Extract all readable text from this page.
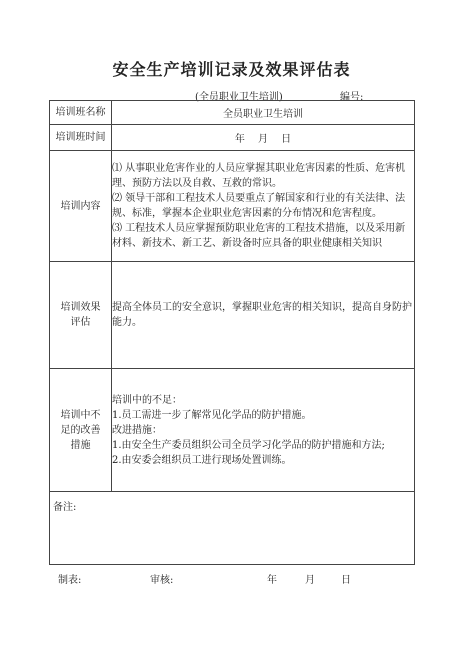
安全生产培训记录及效果评估表
(全员职业卫生培训)	编号:
培训班名称	全员职业卫生培训
培训班时间	年 月 日
培训内容	⑴ 从事职业危害作业的人员应掌握其职业危害因素的性质、危害机理、预防方法以及自救、互救的常识。
⑵ 领导干部和工程技术人员要重点了解国家和行业的有关法律、法规、标准，掌握本企业职业危害因素的分布情况和危害程度。
⑶ 工程技术人员应掌握预防职业危害的工程技术措施，以及采用新材料、新技术、新工艺、新设备时应具备的职业健康相关知识

培训效果评估	提高全体员工的安全意识，掌握职业危害的相关知识，提高自身防护能力。

培训中不足的改善措施	培训中的不足：
1.员工需进一步了解常见化学品的防护措施。
改进措施：
1.由安全生产委员组织公司全员学习化学品的防护措施和方法;
2.由安委会组织员工进行现场处置训练。

备注:	
制表:	审核:	年	月	日
